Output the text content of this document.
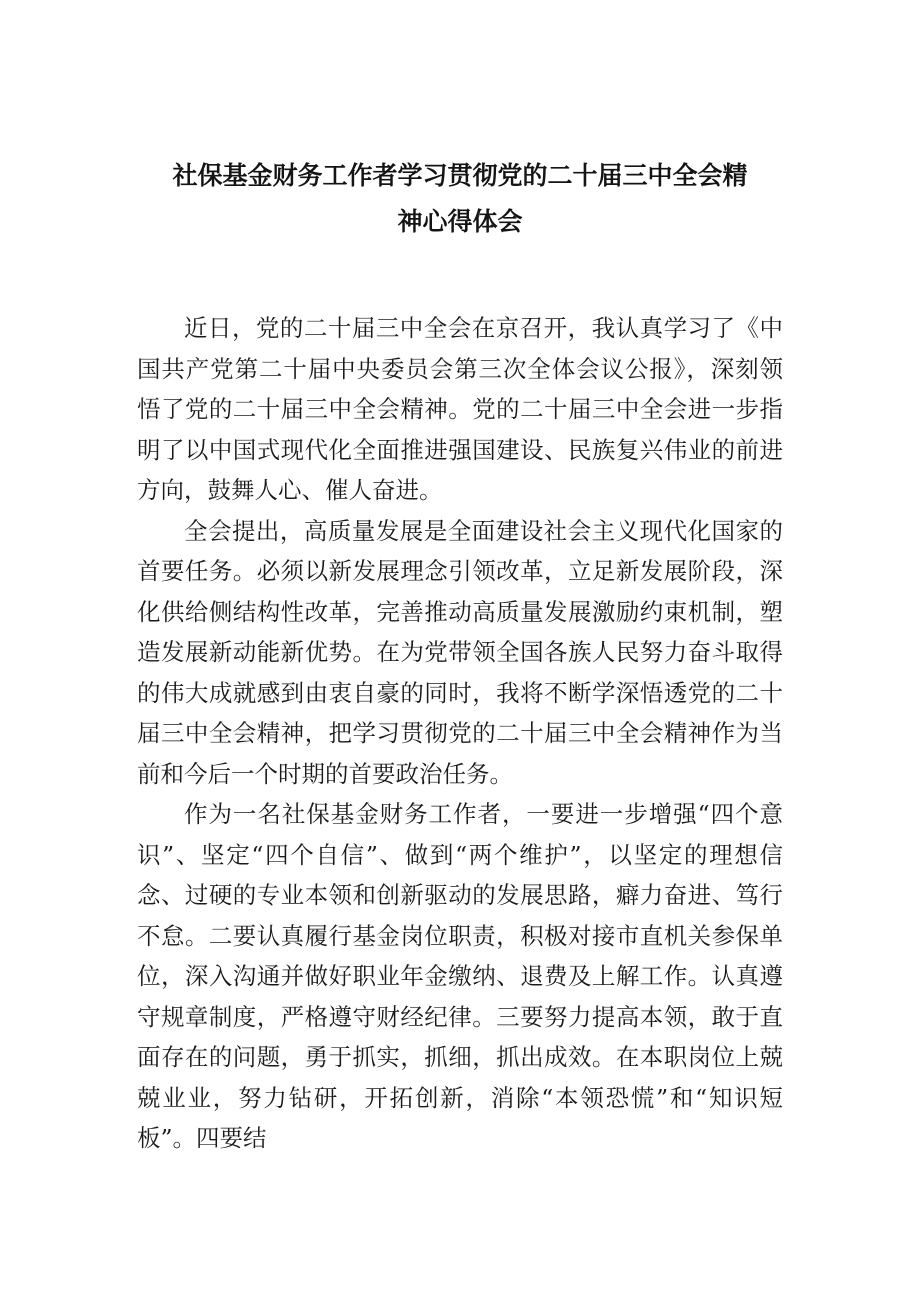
社保基金财务工作者学习贯彻党的二十届三中全会精
神心得体会

近日，党的二十届三中全会在京召开，我认真学习了《中国共产党第二十届中央委员会第三次全体会议公报》，深刻领悟了党的二十届三中全会精神。党的二十届三中全会进一步指明了以中国式现代化全面推进强国建设、民族复兴伟业的前进方向，鼓舞人心、催人奋进。

全会提出，高质量发展是全面建设社会主义现代化国家的首要任务。必须以新发展理念引领改革，立足新发展阶段，深化供给侧结构性改革，完善推动高质量发展激励约束机制，塑造发展新动能新优势。在为党带领全国各族人民努力奋斗取得的伟大成就感到由衷自豪的同时，我将不断学深悟透党的二十届三中全会精神，把学习贯彻党的二十届三中全会精神作为当前和今后一个时期的首要政治任务。

作为一名社保基金财务工作者，一要进一步增强“四个意识”、坚定“四个自信”、做到“两个维护”，以坚定的理想信念、过硬的专业本领和创新驱动的发展思路，癖力奋进、笃行不怠。二要认真履行基金岗位职责，积极对接市直机关参保单位，深入沟通并做好职业年金缴纳、退费及上解工作。认真遵守规章制度，严格遵守财经纪律。三要努力提高本领，敢于直面存在的问题，勇于抓实，抓细，抓出成效。在本职岗位上兢兢业业，努力钻研，开拓创新，消除“本领恐慌”和“知识短板”。四要结
